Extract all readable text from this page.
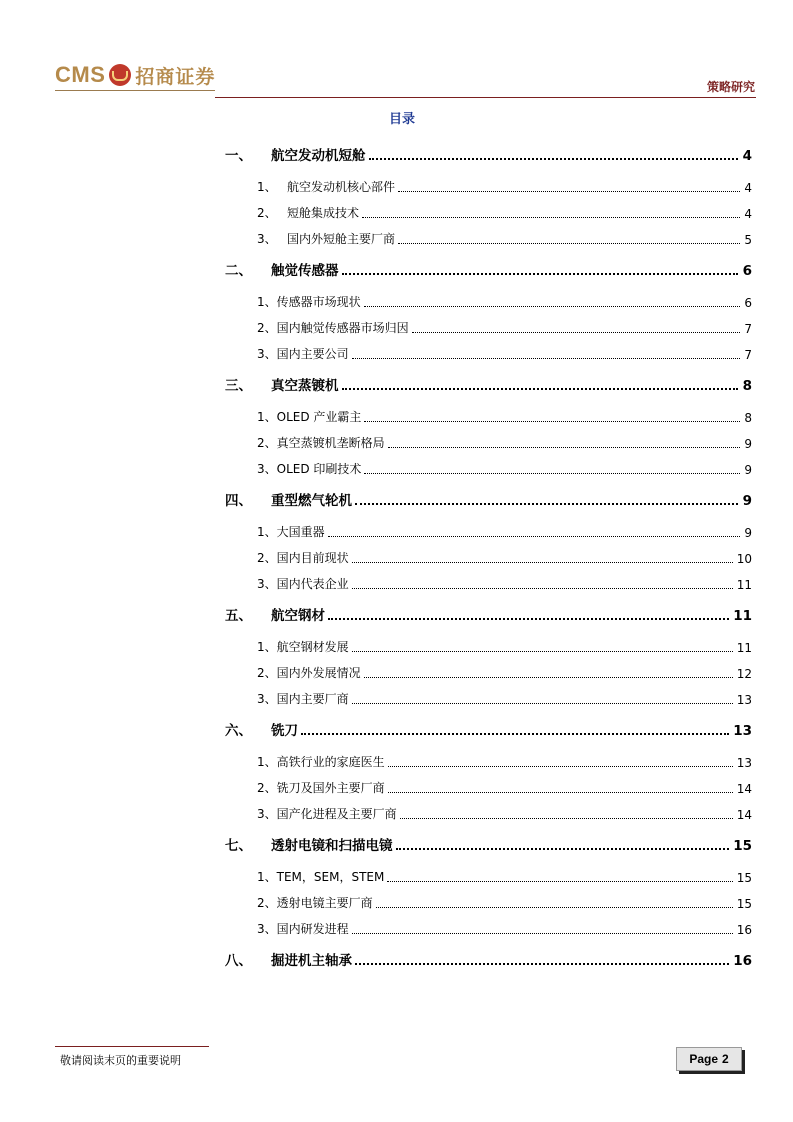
CMS 招商证券	策略研究
目录
一、	航空发动机短舱	4
1、 航空发动机核心部件	4
2、 短舱集成技术	4
3、 国内外短舱主要厂商	5
二、	触觉传感器	6
1、 传感器市场现状	6
2、 国内触觉传感器市场归因	7
3、 国内主要公司	7
三、	真空蒸镀机	8
1、 OLED 产业霸主	8
2、 真空蒸镀机垄断格局	9
3、 OLED 印刷技术	9
四、	重型燃气轮机	9
1、 大国重器	9
2、 国内目前现状	10
3、 国内代表企业	11
五、	航空钢材	11
1、 航空钢材发展	11
2、 国内外发展情况	12
3、 国内主要厂商	13
六、	铣刀	13
1、 高铁行业的家庭医生	13
2、 铣刀及国外主要厂商	14
3、 国产化进程及主要厂商	14
七、	透射电镜和扫描电镜	15
1、 TEM，SEM，STEM	15
2、 透射电镜主要厂商	15
3、 国内研发进程	16
八、	掘进机主轴承	16
敬请阅读末页的重要说明	Page 2
